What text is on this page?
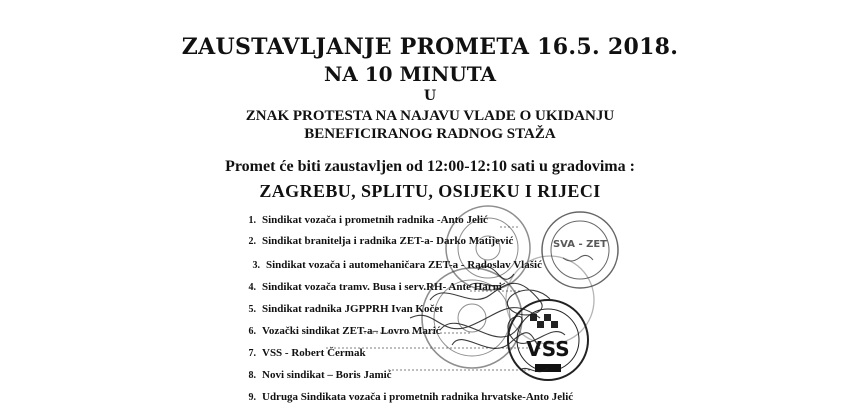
ZAUSTAVLJANJE PROMETA 16.5. 2018.
NA 10 MINUTA
U
ZNAK PROTESTA NA NAJAVU VLADE O UKIDANJU
BENEFICIRANOG RADNOG STAŽA
Promet će biti zaustavljen od 12:00-12:10 sati u gradovima :
ZAGREBU, SPLITU, OSIJEKU I RIJECI
1. Sindikat vozača i prometnih radnika -Anto Jelić
2. Sindikat branitelja i radnika ZET-a- Darko Matijević
3. Sindikat vozača i automehaničara ZET-a - Radoslav Vlašić
4. Sindikat vozača tramv. Busa i serv.RH- Ante Harni
5. Sindikat radnika JGPPRH Ivan Kočet
6. Vozački sindikat ZET-a– Lovro Marić
7. VSS - Robert Čermak
8. Novi sindikat – Boris Jamić
9. Udruga Sindikata vozača i prometnih radnika hrvatske-Anto Jelić
SVA - ZET
VSS
